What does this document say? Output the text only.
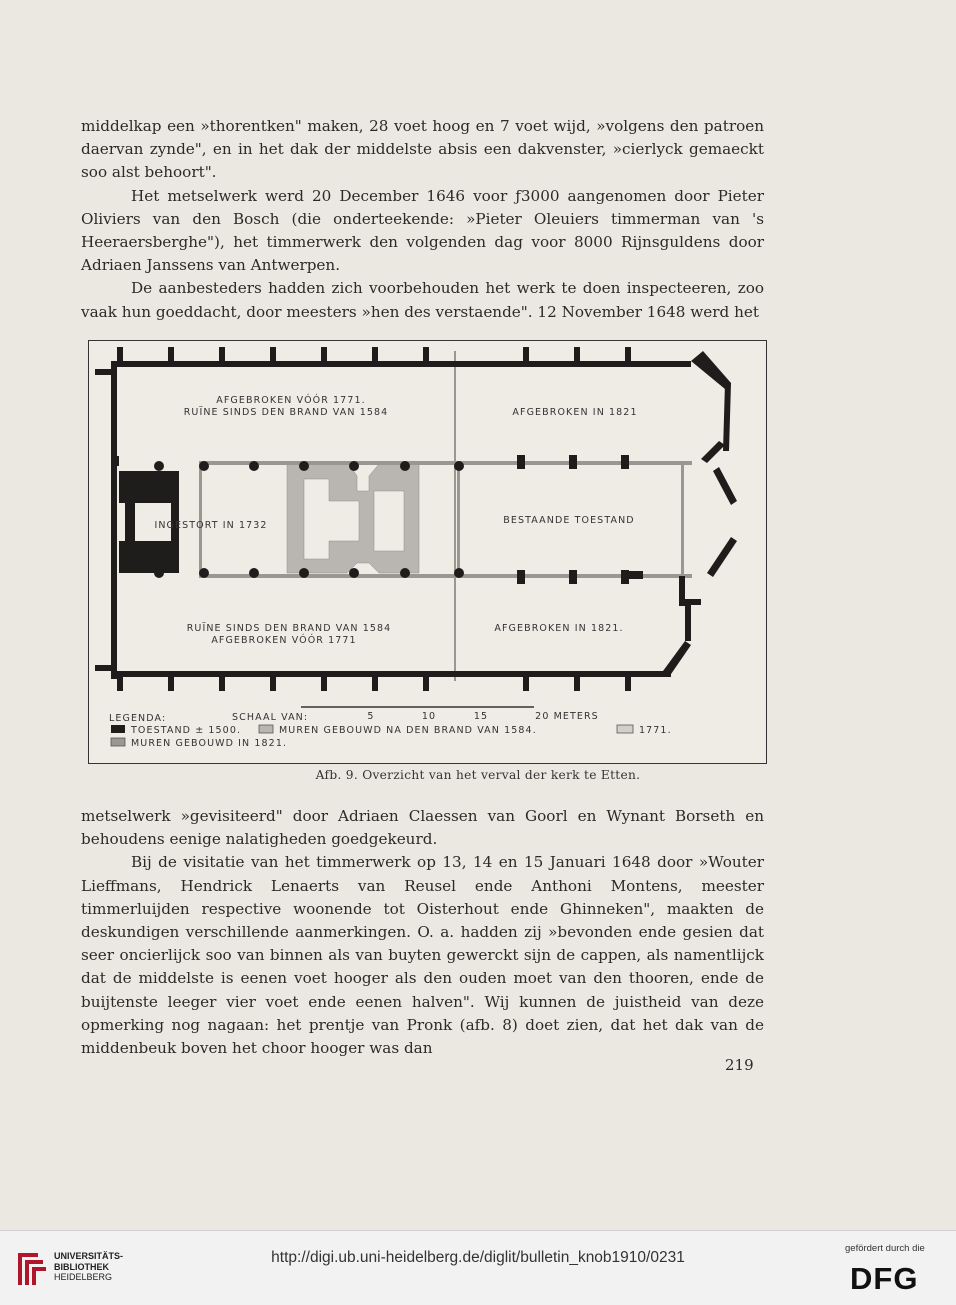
middelkap een »thorentken" maken, 28 voet hoog en 7 voet wijd, »volgens den patroen daervan zynde", en in het dak der middelste absis een dakvenster, »cierlyck gemaeckt soo alst behoort".

Het metselwerk werd 20 December 1646 voor ƒ3000 aangenomen door Pieter Oliviers van den Bosch (die onderteekende: »Pieter Oleuiers timmerman van 's Heeraersberghe"), het timmerwerk den volgenden dag voor 8000 Rijnsguldens door Adriaen Janssens van Antwerpen.

De aanbesteders hadden zich voorbehouden het werk te doen inspecteeren, zoo vaak hun goeddacht, door meesters »hen des verstaende". 12 November 1648 werd het

AFGEBROKEN VÓÓR 1771.
RUÏNE SINDS DEN BRAND VAN 1584	AFGEBROKEN IN 1821
INGESTORT IN 1732	BESTAANDE TOESTAND
RUÏNE SINDS DEN BRAND VAN 1584
AFGEBROKEN VÓÓR 1771
AFGEBROKEN IN 1821.
LEGENDA:	SCHAAL VAN:	5	10	15	20 METERS
TOESTAND ± 1500.	MUREN GEBOUWD NA DEN BRAND VAN 1584.	1771.
MUREN GEBOUWD IN 1821.
Afb. 9. Overzicht van het verval der kerk te Etten.

metselwerk »gevisiteerd" door Adriaen Claessen van Goorl en Wynant Borseth en behoudens eenige nalatigheden goedgekeurd.

Bij de visitatie van het timmerwerk op 13, 14 en 15 Januari 1648 door »Wouter Lieffmans, Hendrick Lenaerts van Reusel ende Anthoni Montens, meester timmerluijden respective woonende tot Oisterhout ende Ghinneken", maakten de deskundigen verschillende aanmerkingen. O. a. hadden zij »bevonden ende gesien dat seer oncierlijck soo van binnen als van buyten gewerckt sijn de cappen, als namentlijck dat de middelste is eenen voet hooger als den ouden moet van den thooren, ende de buijtenste leeger vier voet ende eenen halven". Wij kunnen de juistheid van deze opmerking nog nagaan: het prentje van Pronk (afb. 8) doet zien, dat het dak van de middenbeuk boven het choor hooger was dan

219
UNIVERSITÄTS-
BIBLIOTHEK
HEIDELBERG
http://digi.ub.uni-heidelberg.de/diglit/bulletin_knob1910/0231
gefördert durch die
DFG
